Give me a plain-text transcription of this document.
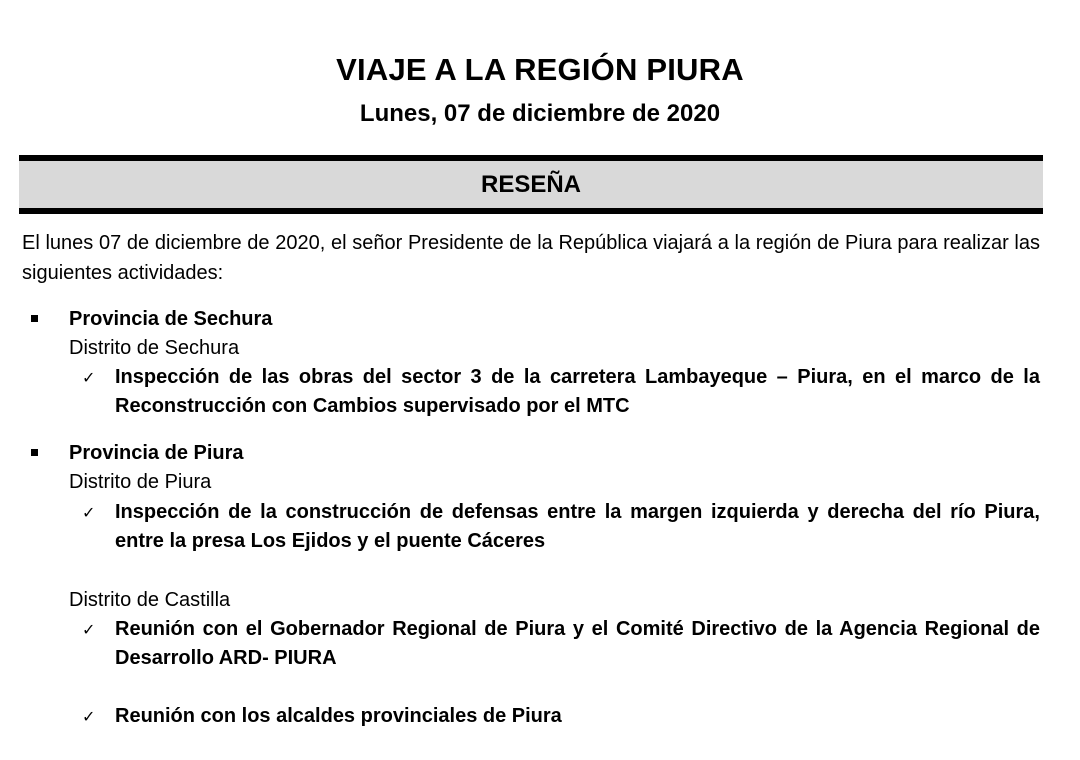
VIAJE A LA REGIÓN PIURA
Lunes, 07 de diciembre de 2020
RESEÑA
El lunes 07 de diciembre de 2020, el señor Presidente de la República viajará a la región de Piura para realizar las siguientes actividades:
Provincia de Sechura
Distrito de Sechura
✓ Inspección de las obras del sector 3 de la carretera Lambayeque – Piura, en el marco de la Reconstrucción con Cambios supervisado por el MTC
Provincia de Piura
Distrito de Piura
✓ Inspección de la construcción de defensas entre la margen izquierda y derecha del río Piura, entre la presa Los Ejidos y el puente Cáceres
Distrito de Castilla
✓ Reunión con el Gobernador Regional de Piura y el Comité Directivo de la Agencia Regional de Desarrollo ARD- PIURA
✓ Reunión con los alcaldes provinciales de Piura
